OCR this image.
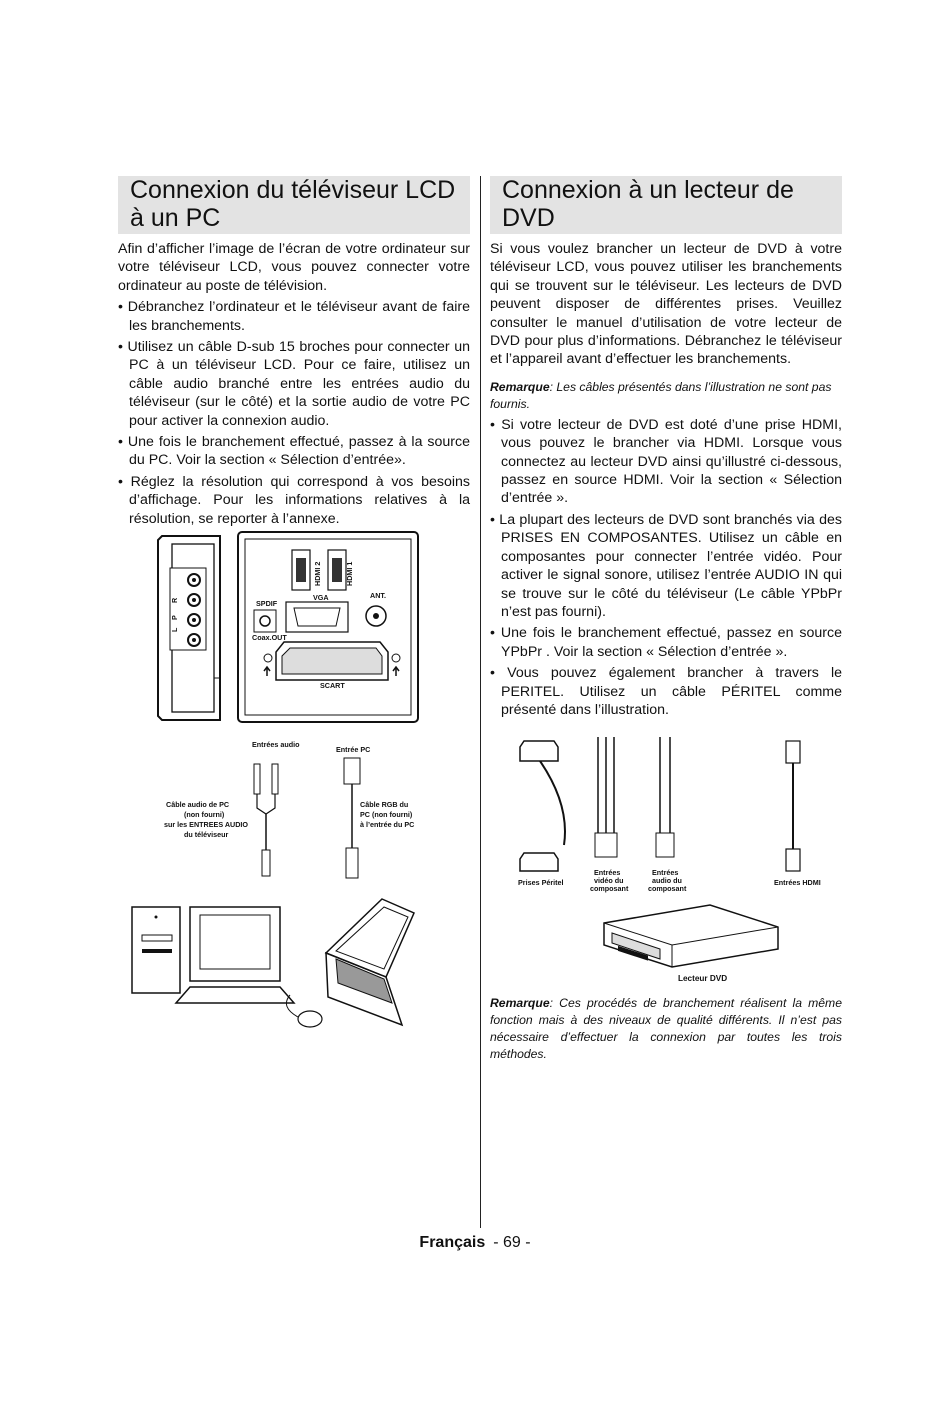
Connexion du téléviseur LCD à un PC

Afin d’afficher l’image de l’écran de votre ordinateur sur votre téléviseur LCD, vous pouvez connecter votre ordinateur au poste de télévision.

• Débranchez l’ordinateur et le téléviseur avant de faire les branchements.

• Utilisez un câble D-sub 15 broches pour connecter un PC à un téléviseur LCD. Pour ce faire, utilisez un câble audio branché entre les entrées audio du téléviseur (sur le côté) et la sortie audio de votre PC pour activer la connexion audio.

• Une fois le branchement effectué, passez à la source du PC. Voir la section « Sélection d’entrée».

• Réglez la résolution qui correspond à vos besoins d’affichage. Pour les informations relatives à la résolution, se reporter à l’annexe.

R
P
L
HDMI 2	HDMI 1
VGA	ANT.
SPDIF
Coax.OUT
SCART
Entrées audio
Entrée PC
Câble audio de PC
(non fourni)
sur les ENTREES AUDIO
du téléviseur
Câble RGB du
PC (non fourni)
à l’entrée du PC
Connexion à un lecteur de DVD

Si vous voulez brancher un lecteur de DVD à votre téléviseur LCD, vous pouvez utiliser les branchements qui se trouvent sur le téléviseur. Les lecteurs de DVD peuvent disposer de différentes prises. Veuillez consulter le manuel d’utilisation de votre lecteur de DVD pour plus d’informations. Débranchez le téléviseur et l’appareil avant d’effectuer les branchements.

Remarque: Les câbles présentés dans l’illustration ne sont pas fournis.

• Si votre lecteur de DVD est doté d’une prise HDMI, vous pouvez le brancher via HDMI. Lorsque vous connectez au lecteur DVD ainsi qu’illustré ci-dessous, passez en source HDMI. Voir la section « Sélection d’entrée ».

• La plupart des lecteurs de DVD sont branchés via des PRISES EN COMPOSANTES. Utilisez un câble en composantes pour connecter l’entrée vidéo. Pour activer le signal sonore, utilisez l’entrée AUDIO IN qui se trouve sur le côté du téléviseur (Le câble YPbPr n’est pas fourni).

• Une fois le branchement effectué, passez en source YPbPr . Voir la section « Sélection d’entrée ».

• Vous pouvez également brancher à travers le PERITEL. Utilisez un câble PÉRITEL comme présenté dans l’illustration.

Prises Péritel
Entrées
vidéo du
composant
Entrées
audio du
composant
Entrées HDMI
Lecteur DVD

Remarque: Ces procédés de branchement réalisent la même fonction mais à des niveaux de qualité différents. Il n’est pas nécessaire d’effectuer la connexion par toutes les trois méthodes.

Français - 69 -
